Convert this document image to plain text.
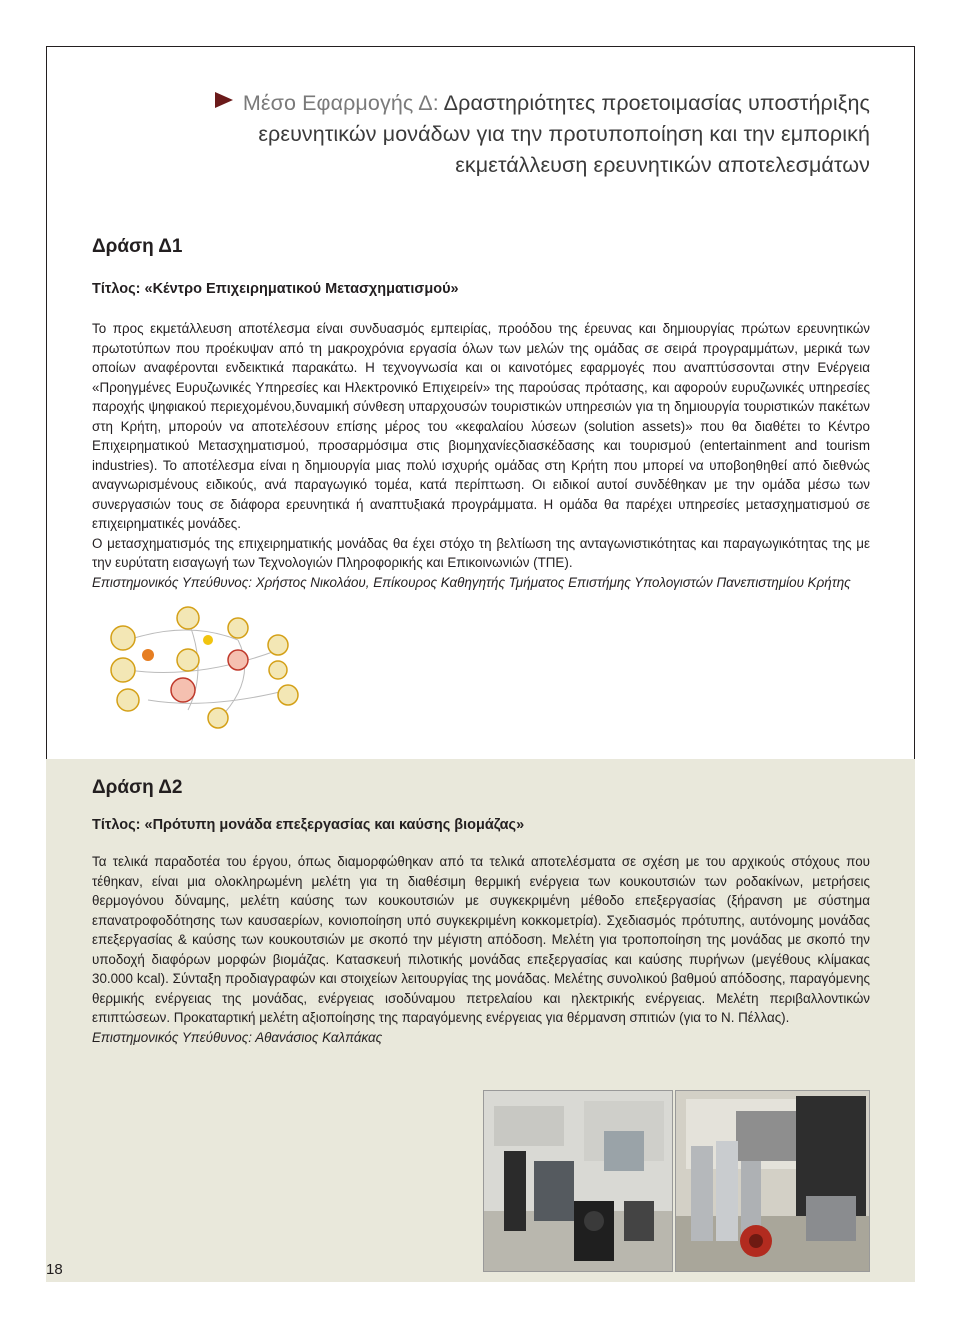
Μέσο Εφαρμογής Δ: Δραστηριότητες προετοιμασίας υποστήριξης
ερευνητικών μονάδων για την προτυποποίηση και την εμπορική
εκμετάλλευση ερευνητικών αποτελεσμάτων
Δράση Δ1
Τίτλος: «Κέντρο Επιχειρηματικού Μετασχηματισμού»

Το προς εκμετάλλευση αποτέλεσμα είναι συνδυασμός εμπειρίας, προόδου της έρευνας και δημιουργίας πρώτων ερευνητικών πρωτοτύπων που προέκυψαν από τη μακροχρόνια εργασία όλων των μελών της ομάδας σε σειρά προγραμμάτων, μερικά των οποίων αναφέρονται ενδεικτικά παρακάτω. Η τεχνογνωσία και οι καινοτόμες εφαρμογές που αναπτύσσονται στην Ενέργεια «Προηγμένες Ευρυζωνικές Υπηρεσίες και Ηλεκτρονικό Επιχειρείν» της παρούσας πρότασης, και αφορούν ευρυζωνικές υπηρεσίες παροχής ψηφιακού περιεχομένου,δυναμική σύνθεση υπαρχουσών τουριστικών υπηρεσιών για τη δημιουργία τουριστικών πακέτων στη Κρήτη, μπορούν να αποτελέσουν επίσης μέρος του «κεφαλαίου λύσεων (solution assets)» που θα διαθέτει το Κέντρο Επιχειρηματικού Μετασχηματισμού, προσαρμόσιμα στις βιομηχανίεςδιασκέδασης και τουρισμού (entertainment and tourism industries). Το αποτέλεσμα είναι η δημιουργία μιας πολύ ισχυρής ομάδας στη Κρήτη που μπορεί να υποβοηθηθεί από διεθνώς αναγνωρισμένους ειδικούς, ανά παραγωγικό τομέα, κατά περίπτωση. Οι ειδικοί αυτοί συνδέθηκαν με την ομάδα μέσω των συνεργασιών τους σε διάφορα ερευνητικά ή αναπτυξιακά προγράμματα. Η ομάδα θα παρέχει υπηρεσίες μετασχηματισμού σε επιχειρηματικές μονάδες.

Ο μετασχηματισμός της επιχειρηματικής μονάδας θα έχει στόχο τη βελτίωση της ανταγωνιστικότητας και παραγωγικότητας της με την ευρύτατη εισαγωγή των Τεχνολογιών Πληροφορικής και Επικοινωνιών (ΤΠΕ).

Επιστημονικός Υπεύθυνος: Χρήστος Νικολάου, Επίκουρος Καθηγητής Τμήματος Επιστήμης Υπολογιστών Πανεπιστημίου Κρήτης
Δράση Δ2
Τίτλος: «Πρότυπη μονάδα επεξεργασίας και καύσης βιομάζας»

Τα τελικά παραδοτέα του έργου, όπως διαμορφώθηκαν από τα τελικά αποτελέσματα σε σχέση με του αρχικούς στόχους που τέθηκαν, είναι μια ολοκληρωμένη μελέτη για τη διαθέσιμη θερμική ενέργεια των κουκουτσιών των ροδακίνων, μετρήσεις θερμογόνου δύναμης, μελέτη καύσης των κουκουτσιών με συγκεκριμένη μέθοδο επεξεργασίας (ξήρανση με σύστημα επανατροφοδότησης των καυσαερίων, κονιοποίηση υπό συγκεκριμένη κοκκομετρία). Σχεδιασμός πρότυπης, αυτόνομης μονάδας επεξεργασίας & καύσης των κουκουτσιών με σκοπό την μέγιστη απόδοση. Μελέτη για τροποποίηση της μονάδας με σκοπό την υποδοχή διαφόρων μορφών βιομάζας. Κατασκευή πιλοτικής μονάδας επεξεργασίας και καύσης πυρήνων (μεγέθους κλίμακας 30.000 kcal). Σύνταξη προδιαγραφών και στοιχείων λειτουργίας της μονάδας. Μελέτης συνολικού βαθμού απόδοσης, παραγόμενης θερμικής ενέργειας της μονάδας, ενέργειας ισοδύναμου πετρελαίου και ηλεκτρικής ενέργειας. Μελέτη περιβαλλοντικών επιπτώσεων. Προκαταρτική μελέτη αξιοποίησης της παραγόμενης ενέργειας για θέρμανση σπιτιών (για το Ν. Πέλλας).

Επιστημονικός Υπεύθυνος: Αθανάσιος Καλπάκας
18
